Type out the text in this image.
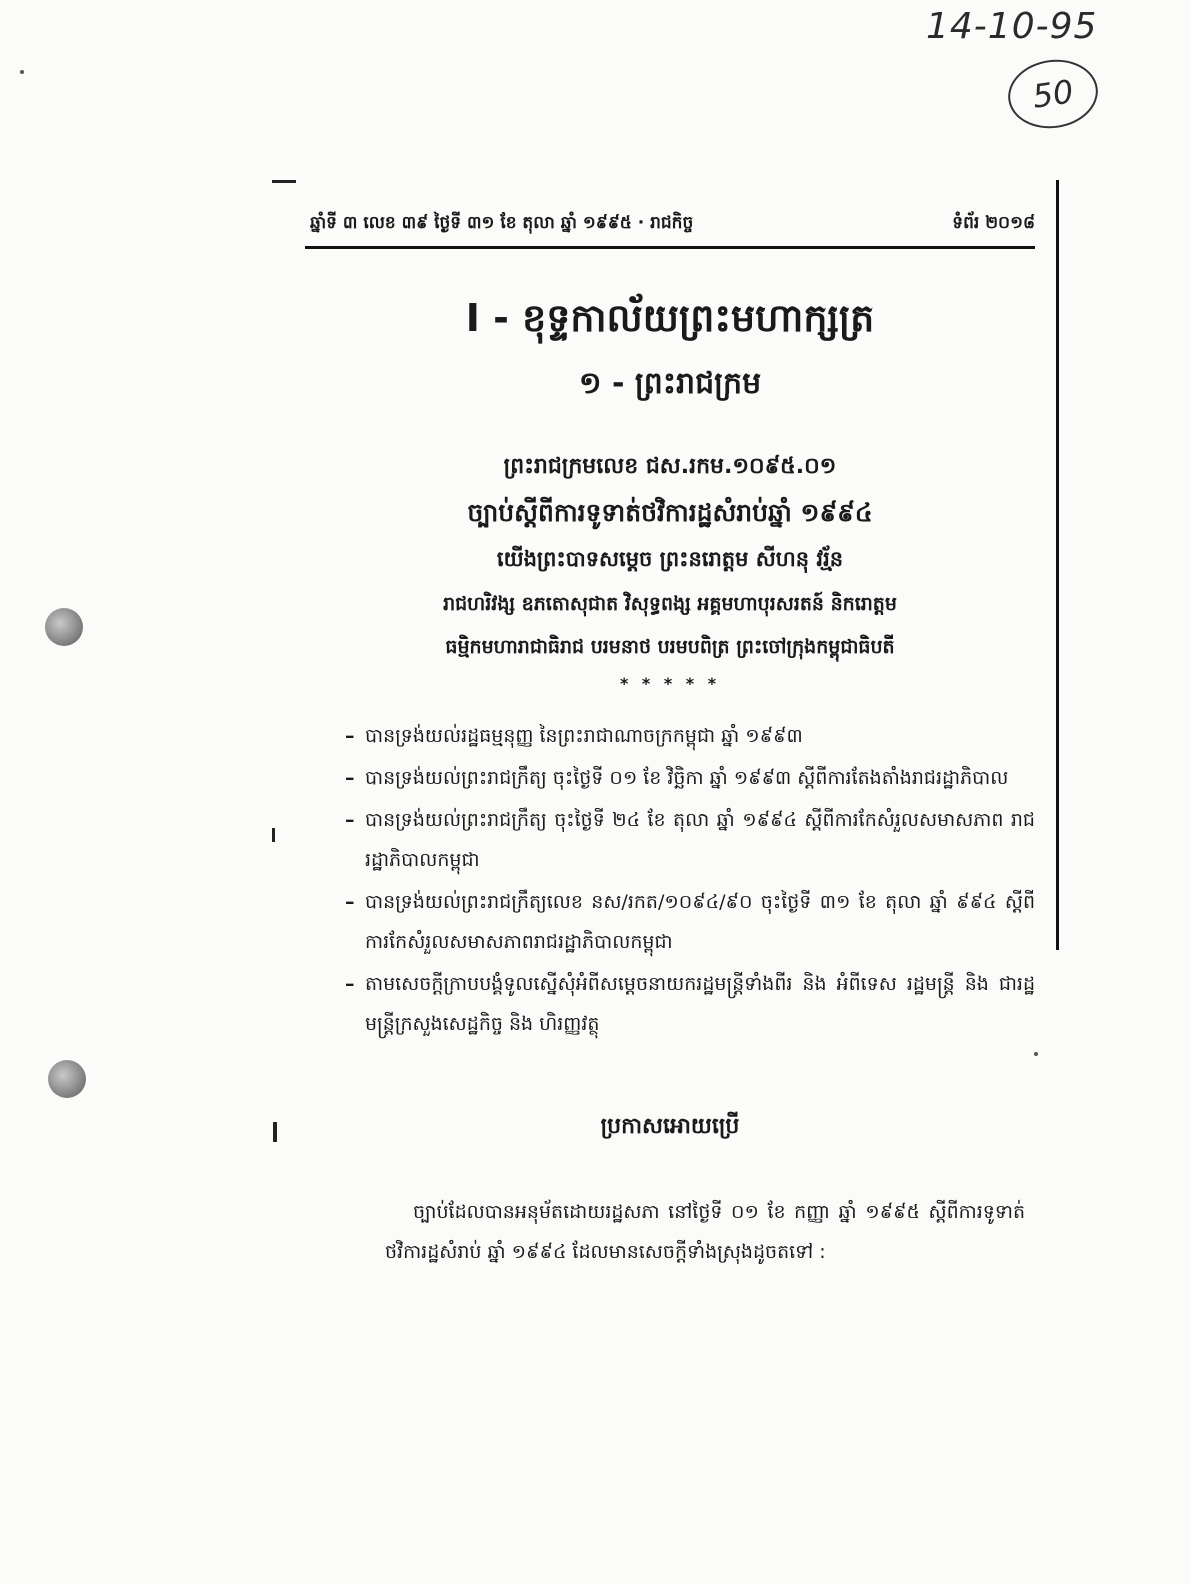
14-10-95
50
ឆ្នាំទី ៣ លេខ ៣៩ ថ្ងៃទី ៣១ ខែ តុលា ឆ្នាំ ១៩៩៥ · រាជកិច្ច	ទំព័រ ២០១៨
I - ខុទ្ទកាល័យព្រះមហាក្សត្រ
១ - ព្រះរាជក្រម
ព្រះរាជក្រមលេខ ជស.រកម.១០៩៥.០១
ច្បាប់ស្តីពីការទូទាត់ថវិការដ្ឋសំរាប់ឆ្នាំ ១៩៩៤
យើងព្រះបាទសម្តេច ព្រះនរោត្តម សីហនុ វរ្ម័ន
រាជហរិវង្ស ឧភតោសុជាត វិសុទ្ធពង្ស អគ្គមហាបុរសរតន៍ និករោត្តម
ធម្មិកមហារាជាធិរាជ បរមនាថ បរមបពិត្រ ព្រះចៅក្រុងកម្ពុជាធិបតី
* * * * *
– បានទ្រង់យល់រដ្ឋធម្មនុញ្ញ នៃព្រះរាជាណាចក្រកម្ពុជា ឆ្នាំ ១៩៩៣
– បានទ្រង់យល់ព្រះរាជក្រឹត្យ ចុះថ្ងៃទី ០១ ខែ វិច្ឆិកា ឆ្នាំ ១៩៩៣ ស្តីពីការតែងតាំងរាជរដ្ឋាភិបាល
– បានទ្រង់យល់ព្រះរាជក្រឹត្យ ចុះថ្ងៃទី ២៤ ខែ តុលា ឆ្នាំ ១៩៩៤ ស្តីពីការកែសំរួលសមាសភាព រាជរដ្ឋាភិបាលកម្ពុជា
– បានទ្រង់យល់ព្រះរាជក្រឹត្យលេខ នស/រកត/១០៩៤/៩០ ចុះថ្ងៃទី ៣១ ខែ តុលា ឆ្នាំ ៩៩៤ ស្តីពីការកែសំរួលសមាសភាពរាជរដ្ឋាភិបាលកម្ពុជា
– តាមសេចក្តីក្រាបបង្គំទូលស្នើសុំអំពីសម្តេចនាយករដ្ឋមន្ត្រីទាំងពីរ និង អំពីទេស រដ្ឋមន្ត្រី និង ជារដ្ឋមន្ត្រីក្រសួងសេដ្ឋកិច្ច និង ហិរញ្ញវត្ថុ
ប្រកាសអោយប្រើ

ច្បាប់ដែលបានអនុម័តដោយរដ្ឋសភា នៅថ្ងៃទី ០១ ខែ កញ្ញា ឆ្នាំ ១៩៩៥ ស្តីពីការទូទាត់ ថវិការដ្ឋសំរាប់ ឆ្នាំ ១៩៩៤ ដែលមានសេចក្តីទាំងស្រុងដូចតទៅ :
